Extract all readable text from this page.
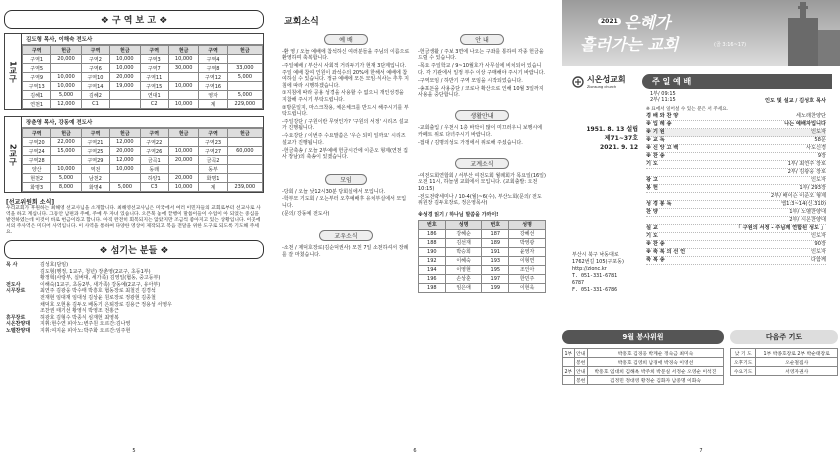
❖ 구 역 보 고 ❖
1교구
김도형 목사, 이해숙 전도사
구역	헌금	구역	헌금	구역	헌금	구역	헌금
구역1	20,000	구역2	10,000	구역3	10,000	구역4	
구역5		구역6	10,000	구역7	30,000	구역8	33,000
구역9	10,000	구역10	20,000	구역11		구역12	5,000
구역13	10,000	구역14	19,000	구역15	10,000	구역16	
김혜1	5,000	김혜2		연대1		영자	5,000
연천1	12,000	C1		C2	10,000	계	229,000
2교구
장춘영 목사, 강동예 전도사
구역	헌금	구역	헌금	구역	헌금	구역	헌금
구역20	22,000	구역21	12,000	구역22		구역23	
구역24	15,000	구역25	20,000	구역26	10,000	구역27	60,000
구역28		구역29	12,000	금곡1	20,000	금곡2	
양산	10,000	역전	10,000	동래		동부	
현천2	5,000	남천2		하양1	20,000	화명1	
화명3	8,000	화명4	5,000	C3	10,000	계	239,000
[선교위원회 소식]
우리교회가 후원하는 최해영 선교사님을 소개합니다. 최해영선교사님은 미국에서 여러 이민자들의 교회로부터 선교사로 사역을 하고 계십니다. 그동안 남편과 주예, 주예 두 자녀 있습니다. 오픈북 놓에 끝행이 말씀이들이 수업이 아 되었는 중심을 발견하였는데 이것이 바로 헌금이라고 합니다. 아직 완전히 회복되지는 않았지만 조금씩 좋아지고 있는 상황입니다. 이곳에서의 주사역은 미디어 사역입니다. 이 사역을 통하여 다양한 영상이 제작되고 복음 전달을 위한 도구로 되도록 기도해 주세요.
❖ 섬기는 분들 ❖
목 사	김성호(담임)
김도형(행정, 1교구, 청년) 장춘영(2교구, 초등1부)
황정혁(사랑부, 실버대, 세가족) 김영일(협동, 중고등부)
전도사	이해숙(1교구, 초등2부, 새가족) 강동예(2교구, 유아부)
시무장로	최연주 김광웅 박수태 박흥호 협동장로 최철진 김경석
전재현 임대재 임대성 김상윤 원로장로 정광현 김종철
채덕호 오현용 김두오 배동기 은퇴장로 김용근 정용성 서영우
조찬권 태기선 황영식 박영조 전홍근
휴무장로	허광호 김형수 박종식 심재헌 최영복
시온찬양대	지휘:현수연 피아노:변주원 오르간:김나영
노벨찬양대	지휘:여지윤 피아노:박주화 오르간:임주현
5
교회소식
예 배
-환 영 / 오늘 예배에 참석하신 여러분들을 주님의 이름으로 환영하며 축복합니다.
-주일예배 / 부산시 사회적 거리두기가 현재 3단계입니다. 주일 예배 참여 인원이 좌석수의 20%에 한해서 예배에 참여하실 수 있습니다. 정규 예배에 모든 모임·식사는 추후 지침에 따라 시행하겠습니다.
①지침에 따라 공용 성경을 사용할 수 없으니 개인성경을 지참해 주시기 부탁드립니다.
②방문일지, 마스크착용, 체온체크를 반드시 해주시기를 부탁드립니다.
-주일강단 / 구원이란 무엇인가? '구원의 서정' 시리즈 설교가 진행됩니다.
-수요강단 / 이번주 수요말씀은 '우슨 되미 일까요' 시리즈 설교가 진행됩니다.
-헌금축송 / 오늘 2부예배 헌금시간에 이준오 형제(연천 집사 장남)의 축송이 있겠습니다.
모임
-당회 / 오늘 낮12시30분 당회실에서 모입니다.
-학부모 기도회 / 오는부터 오후예배후 유치부실에서 모입니다.
(문의/ 강동예 전도사)
교우소식
-소천 / 제덕호장로(김순덕권사) 모친 7일 소천하셔서 장례를 잘 마쳤습니다.
안 내
-헌금생활 / 주보 3면에 나오는 구좌를 통하여 각종 헌금을 드릴 수 있습니다.
-목요 주일학교 / 9~10월호가 사무실에 비치되어 있습니다. 각 기관에서 일정 부수 이상 구매해야 주시기 바랍니다.
-구역모임 / 하반기 구역 모임을 시작되었습니다.
-송포돈을 사용중단 / 코로나 확산으로 인해 10월 3일까지 사용을 중단합니다.
생활안내
-교회출입 / 우천시 1층 바닥이 많이 미끄러우니 보행시에 카페트 위로 다녀주시기 바랍니다.
-접대 / 김명의성도 가정에서 위로해 주셨습니다.
교계소식
-여전도회연합회 / 서부산 여전도회 월례회가 목요일(16일) 오전 11시, 하늘샘 교회에서 모입니다. (교회출발: 오전10:15)
-전도전략세미나 / 10-4(월)~6(수), 부산노회(문의/ 전도위원장 김두호장로, 정은영목사)
※성경 읽기 / 하나님 말씀을 가까이!
번호	성명	번호	성명
186	강혜순	187	강혜선
188	김선재	189	박영광
190	박승희	191	윤영자
192	이혜숙	193	이형연
194	이영현	195	조인아
196	손상훈	197	한민주
198	임은애	199	이현욱
6
2021 은혜가
흘러가는 교회	(골 3:16~17)
시온성교회
Zionsung church
1951. 8. 13 설립
제71~37호
2021. 9. 12
부산시 북구 낙동대로
1762번길 105(구포동)
http://zionc.kr
T. 051-331-6781
6787
F. 051-331-6786
주 일 예 배
1부/ 09:15
2부/ 11:15	인도 및 설교 / 김성호 목사
※ 표에서 일어설 수 있는 분은 서 주세요.
경 배 와 찬 양	세노래찬양단
※ 입 례 송	나는 예배자입니다
※ 기 원	인도자
※ 교 독	58문
※ 신 앙 고 백	사도신경
※ 찬 송	9장
기 도	1부/ 최연주 장로
2부/ 김광웅 장로
광 고	인도자
봉 헌	1부/ 293장
2부/ 배이슨 이준오 형제
성 경 봉 독	엡1:3~14(신.310)
찬 양	1부/ 노벨찬양대
2부/ 시온찬양대
설 교	「 구원의 서정 - 주님께 연합된 성도 」
기 도	인도자
※ 찬 송	90장
※ 축 복 의 선 언	인도자
축 복 송	다함께
9월 봉사위원
1부	안내	박흥호 김경웅 박계순 정숙금 최미숙
	봉헌	박흥호 김영희 남경애 박경숙 이영선
2부	안내	박흥호 임대희 김해옥 박주희 박문실 서정순 오영순 이석진
	봉헌	김정민 정대영 황정순 김화자 남중명 이화숙
다음주 기도
낮 기 도	1부 박종호장로 2부 박순태장로
오후기도	오순철집사
수요기도	서영자권사
7
